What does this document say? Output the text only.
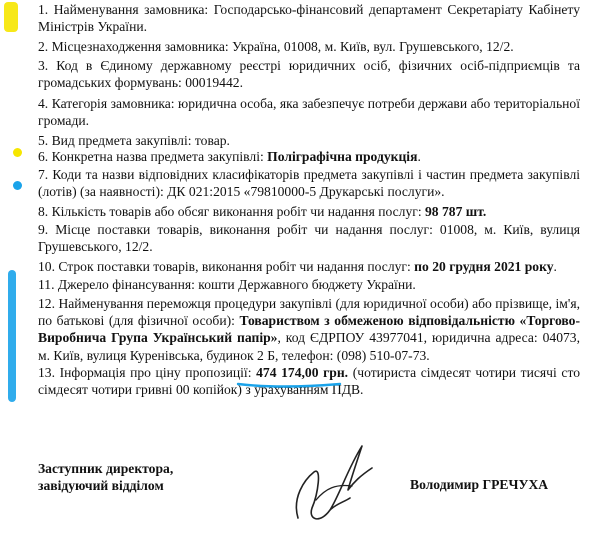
1. Найменування замовника: Господарсько-фінансовий департамент Секретаріату Кабінету Міністрів України.
2. Місцезнаходження замовника: Україна, 01008, м. Київ, вул. Грушевського, 12/2.
3. Код в Єдиному державному реєстрі юридичних осіб, фізичних осіб-підприємців та громадських формувань: 00019442.
4. Категорія замовника: юридична особа, яка забезпечує потреби держави або територіальної громади.
5. Вид предмета закупівлі: товар.
6. Конкретна назва предмета закупівлі: Поліграфічна продукція.
7. Коди та назви відповідних класифікаторів предмета закупівлі і частин предмета закупівлі (лотів) (за наявності): ДК 021:2015 «79810000-5 Друкарські послуги».
8. Кількість товарів або обсяг виконання робіт чи надання послуг: 98 787 шт.
9. Місце поставки товарів, виконання робіт чи надання послуг: 01008, м. Київ, вулиця Грушевського, 12/2.
10. Строк поставки товарів, виконання робіт чи надання послуг: по 20 грудня 2021 року.
11. Джерело фінансування: кошти Державного бюджету України.
12. Найменування переможця процедури закупівлі (для юридичної особи) або прізвище, ім'я, по батькові (для фізичної особи): Товариством з обмеженою відповідальністю «Торгово-Виробнича Група Український папір», код ЄДРПОУ 43977041, юридична адреса: 04073, м. Київ, вулиця Куренівська, будинок 2 Б, телефон: (098) 510-07-73.
13. Інформація про ціну пропозиції: 474 174,00 грн. (чотириста сімдесят чотири тисячі сто сімдесят чотири гривні 00 копійок) з урахуванням ПДВ.
Заступник директора, завідуючий відділом	Володимир ГРЕЧУХА
